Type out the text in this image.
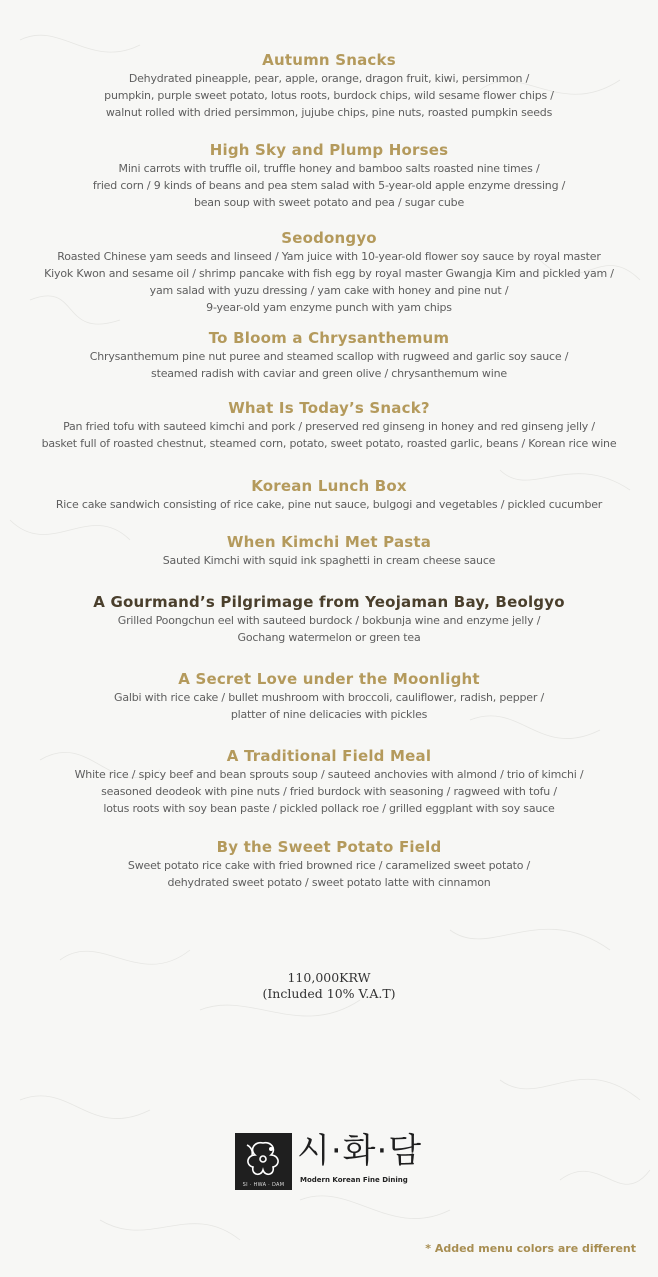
Autumn Snacks

Dehydrated pineapple, pear, apple, orange, dragon fruit, kiwi, persimmon /

pumpkin, purple sweet potato, lotus roots, burdock chips, wild sesame flower chips /

walnut rolled with dried persimmon, jujube chips, pine nuts, roasted pumpkin seeds

High Sky and Plump Horses

Mini carrots with truffle oil, truffle honey and bamboo salts roasted nine times /

fried corn / 9 kinds of beans and pea stem salad with 5-year-old apple enzyme dressing /

bean soup with sweet potato and pea / sugar cube

Seodongyo

Roasted Chinese yam seeds and linseed / Yam juice with 10-year-old flower soy sauce by royal master

Kiyok Kwon and sesame oil / shrimp pancake with fish egg by royal master Gwangja Kim and pickled yam /

yam salad with yuzu dressing / yam cake with honey and pine nut /

9-year-old yam enzyme punch with yam chips

To Bloom a Chrysanthemum

Chrysanthemum pine nut puree and steamed scallop with rugweed and garlic soy sauce /

steamed radish with caviar and green olive / chrysanthemum wine

What Is Today’s Snack?

Pan fried tofu with sauteed kimchi and pork / preserved red ginseng in honey and red ginseng jelly /

basket full of roasted chestnut, steamed corn, potato, sweet potato, roasted garlic, beans / Korean rice wine

Korean Lunch Box

Rice cake sandwich consisting of rice cake, pine nut sauce, bulgogi and vegetables / pickled cucumber

When Kimchi Met Pasta

Sauted Kimchi with squid ink spaghetti in cream cheese sauce

A Gourmand’s Pilgrimage from Yeojaman Bay, Beolgyo

Grilled Poongchun eel with sauteed burdock / bokbunja wine and enzyme jelly /

Gochang watermelon or green tea

A Secret Love under the Moonlight

Galbi with rice cake / bullet mushroom with broccoli, cauliflower, radish, pepper /

platter of nine delicacies with pickles

A Traditional Field Meal

White rice / spicy beef and bean sprouts soup / sauteed anchovies with almond / trio of kimchi /

seasoned deodeok with pine nuts / fried burdock with seasoning / ragweed with tofu /

lotus roots with soy bean paste / pickled pollack roe / grilled eggplant with soy sauce

By the Sweet Potato Field

Sweet potato rice cake with fried browned rice / caramelized sweet potato /

dehydrated sweet potato / sweet potato latte with cinnamon

110,000KRW
(Included 10% V.A.T)
SI · HWA · DAM
시·화·담
Modern Korean Fine Dining
* Added menu colors are different
